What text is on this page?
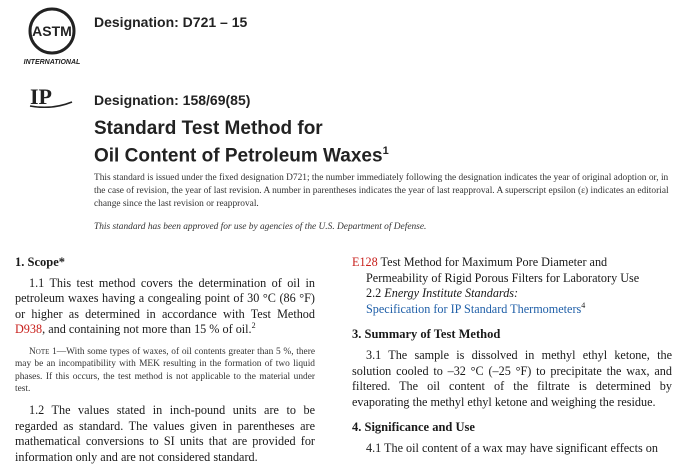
ASTM
INTERNATIONAL
IP
Designation: D721 – 15
Designation: 158/69(85)
Standard Test Method for
Oil Content of Petroleum Waxes$^1$
This standard is issued under the fixed designation D721; the number immediately following the designation indicates the year of original adoption or, in the case of revision, the year of last revision. A number in parentheses indicates the year of last reapproval. A superscript epsilon (ε) indicates an editorial change since the last revision or reapproval.
This standard has been approved for use by agencies of the U.S. Department of Defense.

1. Scope*

1.1 This test method covers the determination of oil in petroleum waxes having a congealing point of 30 °C (86 °F) or higher as determined in accordance with Test Method D938, and containing not more than 15 % of oil.$^2$

Note 1—With some types of waxes, of oil contents greater than 5 %, there may be an incompatibility with MEK resulting in the formation of two liquid phases. If this occurs, the test method is not applicable to the material under test.

1.2 The values stated in inch-pound units are to be regarded as standard. The values given in parentheses are mathematical conversions to SI units that are provided for information only and are not considered standard.

E128 Test Method for Maximum Pore Diameter and Permeability of Rigid Porous Filters for Laboratory Use

2.2 Energy Institute Standards:

Specification for IP Standard Thermometers$^4$

3. Summary of Test Method

3.1 The sample is dissolved in methyl ethyl ketone, the solution cooled to –32 °C (–25 °F) to precipitate the wax, and filtered. The oil content of the filtrate is determined by evaporating the methyl ethyl ketone and weighing the residue.

4. Significance and Use

4.1 The oil content of a wax may have significant effects on
